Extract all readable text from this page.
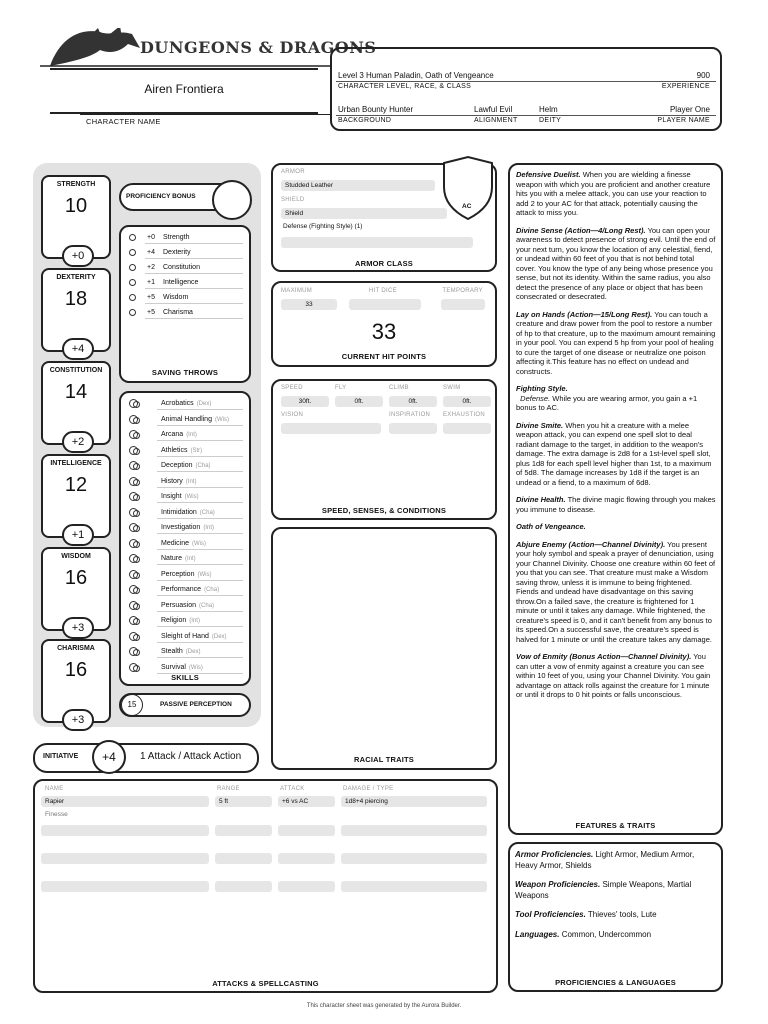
DUNGEONS & DRAGONS
Airen Frontiera
CHARACTER NAME
Level 3 Human Paladin, Oath of Vengeance	900
CHARACTER LEVEL, RACE, & CLASS	EXPERIENCE
Urban Bounty Hunter	Lawful Evil	Helm	Player One
BACKGROUND	ALIGNMENT	DEITY	PLAYER NAME
STRENGTH
10
+0
DEXTERITY
18
+4
CONSTITUTION
14
+2
INTELLIGENCE
12
+1
WISDOM
16
+3
CHARISMA
16
+3
PROFICIENCY BONUS
+0 Strength
+4 Dexterity
+2 Constitution
+1 Intelligence
+5 Wisdom
+5 Charisma
SAVING THROWS
Acrobatics (Dex)
Animal Handling (Wis)
Arcana (Int)
Athletics (Str)
Deception (Cha)
History (Int)
Insight (Wis)
Intimidation (Cha)
Investigation (Int)
Medicine (Wis)
Nature (Int)
Perception (Wis)
Performance (Cha)
Persuasion (Cha)
Religion (Int)
Sleight of Hand (Dex)
Stealth (Dex)
Survival (Wis)
SKILLS
15	PASSIVE PERCEPTION
INITIATIVE	+4	1 Attack / Attack Action
ARMOR
Studded Leather
SHIELD
Shield
Defense (Fighting Style) (1)
ARMOR CLASS
AC
MAXIMUM	HIT DICE	TEMPORARY
33
33
CURRENT HIT POINTS
SPEED	FLY	CLIMB	SWIM
30ft.	0ft.	0ft.	0ft.
VISION	INSPIRATION EXHAUSTION
SPEED, SENSES, & CONDITIONS
RACIAL TRAITS

Defensive Duelist. When you are wielding a finesse weapon with which you are proficient and another creature hits you with a melee attack, you can use your reaction to add 2 to your AC for that attack, potentially causing the attack to miss you.

Divine Sense (Action—4/Long Rest). You can open your awareness to detect presence of strong evil. Until the end of your next turn, you know the location of any celestial, fiend, or undead within 60 feet of you that is not behind total cover. You know the type of any being whose presence you sense, but not its identity. Within the same radius, you also detect the presence of any place or object that has been consecrated or desecrated.

Lay on Hands (Action—15/Long Rest). You can touch a creature and draw power from the pool to restore a number of hp to that creature, up to the maximum amount remaining in your pool. You can expend 5 hp from your pool of healing to cure the target of one disease or neutralize one poison affecting it.This feature has no effect on undead and constructs.

Fighting Style.
Defense. While you are wearing armor, you gain a +1 bonus to AC.

Divine Smite. When you hit a creature with a melee weapon attack, you can expend one spell slot to deal radiant damage to the target, in addition to the weapon's damage. The extra damage is 2d8 for a 1st-level spell slot, plus 1d8 for each spell level higher than 1st, to a maximum of 5d8. The damage increases by 1d8 if the target is an undead or a fiend, to a maximum of 6d8.

Divine Health. The divine magic flowing through you makes you immune to disease.

Oath of Vengeance.

Abjure Enemy (Action—Channel Divinity). You present your holy symbol and speak a prayer of denunciation, using your Channel Divinity. Choose one creature within 60 feet of you that you can see. That creature must make a Wisdom saving throw, unless it is immune to being frightened. Fiends and undead have disadvantage on this saving throw.On a failed save, the creature is frightened for 1 minute or until it takes any damage. While frightened, the creature's speed is 0, and it can't benefit from any bonus to its speed.On a successful save, the creature's speed is halved for 1 minute or until the creature takes any damage.

Vow of Enmity (Bonus Action—Channel Divinity). You can utter a vow of enmity against a creature you can see within 10 feet of you, using your Channel Divinity. You gain advantage on attack rolls against the creature for 1 minute or until it drops to 0 hit points or falls unconscious.

FEATURES & TRAITS

Armor Proficiencies. Light Armor, Medium Armor, Heavy Armor, Shields

Weapon Proficiencies. Simple Weapons, Martial Weapons

Tool Proficiencies. Thieves' tools, Lute

Languages. Common, Undercommon

PROFICIENCIES & LANGUAGES
NAME	RANGE	ATTACK	DAMAGE / TYPE
Rapier	5 ft	+6 vs AC	1d8+4 piercing
Finesse
ATTACKS & SPELLCASTING
This character sheet was generated by the Aurora Builder.
